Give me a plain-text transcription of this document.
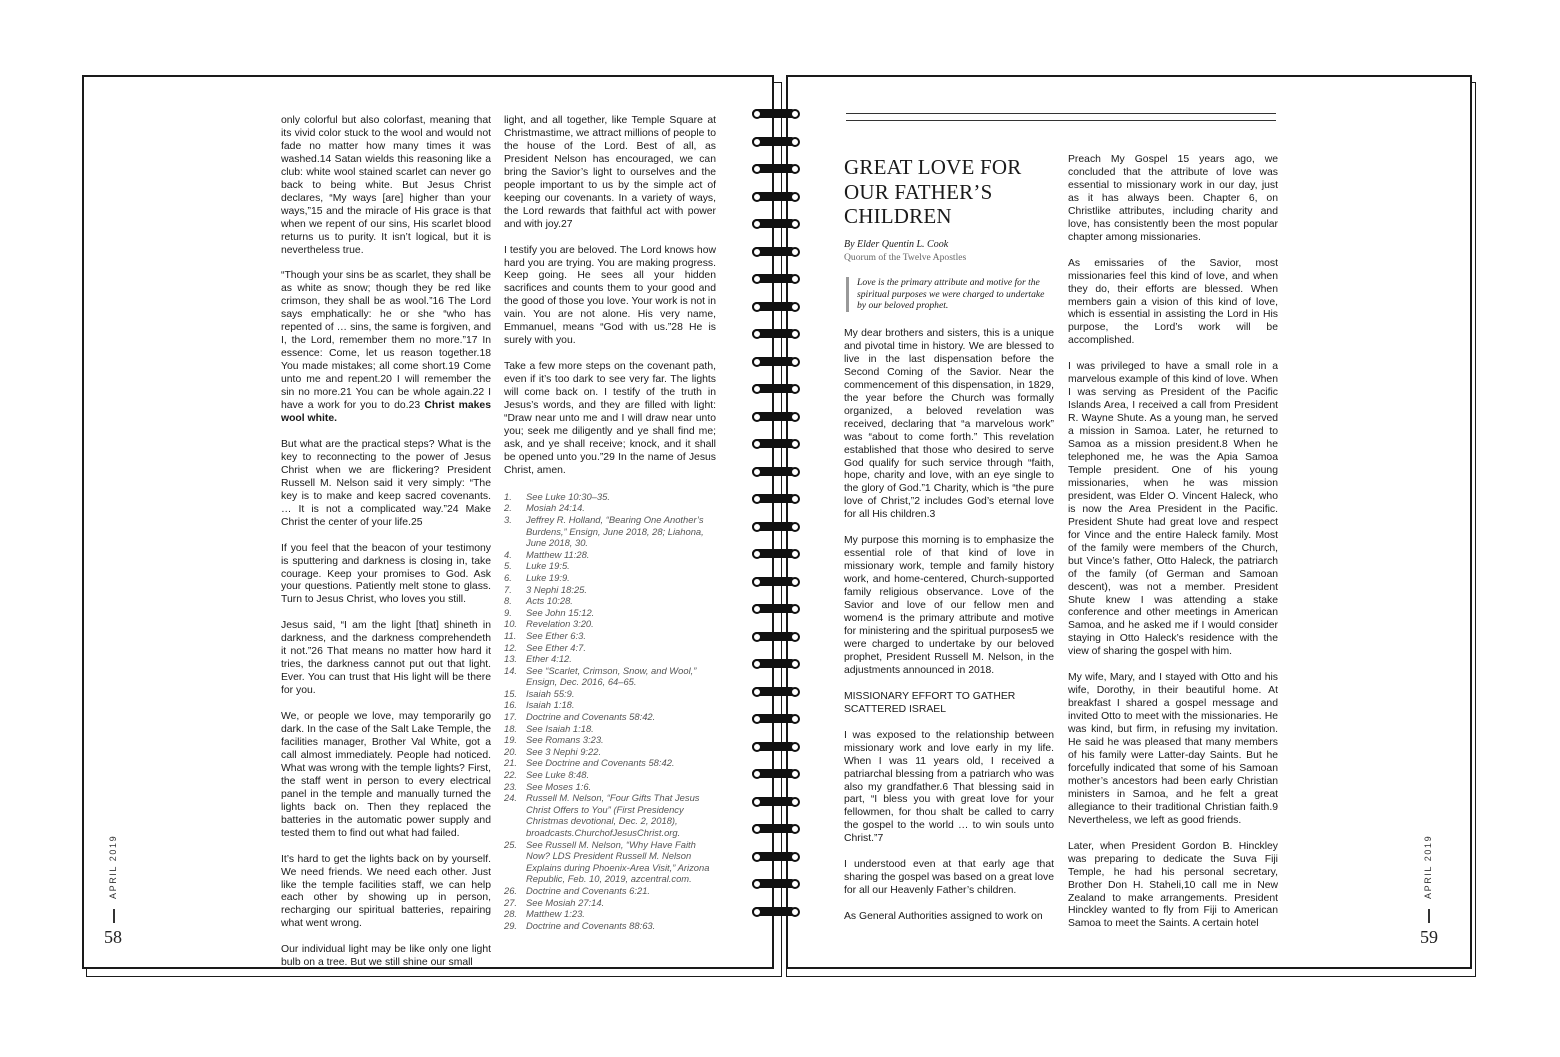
only colorful but also colorfast, meaning that its vivid color stuck to the wool and would not fade no matter how many times it was washed.14 Satan wields this reasoning like a club: white wool stained scarlet can never go back to being white. But Jesus Christ declares, “My ways [are] higher than your ways,”15 and the miracle of His grace is that when we repent of our sins, His scarlet blood returns us to purity. It isn’t logical, but it is nevertheless true.

“Though your sins be as scarlet, they shall be as white as snow; though they be red like crimson, they shall be as wool.”16 The Lord says emphatically: he or she “who has repented of … sins, the same is forgiven, and I, the Lord, remember them no more.”17 In essence: Come, let us reason together.18 You made mistakes; all come short.19 Come unto me and repent.20 I will remember the sin no more.21 You can be whole again.22 I have a work for you to do.23 Christ makes wool white.

But what are the practical steps? What is the key to reconnecting to the power of Jesus Christ when we are flickering? President Russell M. Nelson said it very simply: “The key is to make and keep sacred covenants. … It is not a complicated way.”24 Make Christ the center of your life.25

If you feel that the beacon of your testimony is sputtering and darkness is closing in, take courage. Keep your promises to God. Ask your questions. Patiently melt stone to glass. Turn to Jesus Christ, who loves you still.

Jesus said, “I am the light [that] shineth in darkness, and the darkness comprehendeth it not.”26 That means no matter how hard it tries, the darkness cannot put out that light. Ever. You can trust that His light will be there for you.

We, or people we love, may temporarily go dark. In the case of the Salt Lake Temple, the facilities manager, Brother Val White, got a call almost immediately. People had noticed. What was wrong with the temple lights? First, the staff went in person to every electrical panel in the temple and manually turned the lights back on. Then they replaced the batteries in the automatic power supply and tested them to find out what had failed.

It’s hard to get the lights back on by yourself. We need friends. We need each other. Just like the temple facilities staff, we can help each other by showing up in person, recharging our spiritual batteries, repairing what went wrong.

Our individual light may be like only one light bulb on a tree. But we still shine our small

light, and all together, like Temple Square at Christmastime, we attract millions of people to the house of the Lord. Best of all, as President Nelson has encouraged, we can bring the Savior’s light to ourselves and the people important to us by the simple act of keeping our covenants. In a variety of ways, the Lord rewards that faithful act with power and with joy.27

I testify you are beloved. The Lord knows how hard you are trying. You are making progress. Keep going. He sees all your hidden sacrifices and counts them to your good and the good of those you love. Your work is not in vain. You are not alone. His very name, Emmanuel, means “God with us.”28 He is surely with you.

Take a few more steps on the covenant path, even if it’s too dark to see very far. The lights will come back on. I testify of the truth in Jesus’s words, and they are filled with light: “Draw near unto me and I will draw near unto you; seek me diligently and ye shall find me; ask, and ye shall receive; knock, and it shall be opened unto you.”29 In the name of Jesus Christ, amen.

1.	See Luke 10:30–35.
2.	Mosiah 24:14.
3.	Jeffrey R. Holland, “Bearing One Another’s Burdens,” Ensign, June 2018, 28; Liahona, June 2018, 30.
4.	Matthew 11:28.
5.	Luke 19:5.
6.	Luke 19:9.
7.	3 Nephi 18:25.
8.	Acts 10:28.
9.	See John 15:12.
10. Revelation 3:20.
11.	See Ether 6:3.
12. See Ether 4:7.
13. Ether 4:12.
14. See “Scarlet, Crimson, Snow, and Wool,” Ensign, Dec. 2016, 64–65.
15. Isaiah 55:9.
16. Isaiah 1:18.
17. Doctrine and Covenants 58:42.
18. See Isaiah 1:18.
19. See Romans 3:23.
20. See 3 Nephi 9:22.
21. See Doctrine and Covenants 58:42.
22. See Luke 8:48.
23. See Moses 1:6.
24. Russell M. Nelson, “Four Gifts That Jesus Christ Offers to You” (First Presidency Christmas devotional, Dec. 2, 2018), broadcasts.ChurchofJesusChrist.org.
25. See Russell M. Nelson, “Why Have Faith Now? LDS President Russell M. Nelson Explains during Phoenix-Area Visit,” Arizona Republic, Feb. 10, 2019, azcentral.com.
26. Doctrine and Covenants 6:21.
27. See Mosiah 27:14.
28. Matthew 1:23.
29. Doctrine and Covenants 88:63.
58
APRIL 2019
GREAT LOVE FOR
OUR FATHER’S
CHILDREN
By Elder Quentin L. Cook
Quorum of the Twelve Apostles
Love is the primary attribute and motive for the spiritual purposes we were charged to undertake by our beloved prophet.

My dear brothers and sisters, this is a unique and pivotal time in history. We are blessed to live in the last dispensation before the Second Coming of the Savior. Near the commencement of this dispensation, in 1829, the year before the Church was formally organized, a beloved revelation was received, declaring that “a marvelous work” was “about to come forth.” This revelation established that those who desired to serve God qualify for such service through “faith, hope, charity and love, with an eye single to the glory of God.”1 Charity, which is “the pure love of Christ,”2 includes God’s eternal love for all His children.3

My purpose this morning is to emphasize the essential role of that kind of love in missionary work, temple and family history work, and home-centered, Church-supported family religious observance. Love of the Savior and love of our fellow men and women4 is the primary attribute and motive for ministering and the spiritual purposes5 we were charged to undertake by our beloved prophet, President Russell M. Nelson, in the adjustments announced in 2018.

MISSIONARY EFFORT TO GATHER SCATTERED ISRAEL

I was exposed to the relationship between missionary work and love early in my life. When I was 11 years old, I received a patriarchal blessing from a patriarch who was also my grandfather.6 That blessing said in part, “I bless you with great love for your fellowmen, for thou shalt be called to carry the gospel to the world … to win souls unto Christ.”7

I understood even at that early age that sharing the gospel was based on a great love for all our Heavenly Father’s children.

As General Authorities assigned to work on

Preach My Gospel 15 years ago, we concluded that the attribute of love was essential to missionary work in our day, just as it has always been. Chapter 6, on Christlike attributes, including charity and love, has consistently been the most popular chapter among missionaries.

As emissaries of the Savior, most missionaries feel this kind of love, and when they do, their efforts are blessed. When members gain a vision of this kind of love, which is essential in assisting the Lord in His purpose, the Lord’s work will be accomplished.

I was privileged to have a small role in a marvelous example of this kind of love. When I was serving as President of the Pacific Islands Area, I received a call from President R. Wayne Shute. As a young man, he served a mission in Samoa. Later, he returned to Samoa as a mission president.8 When he telephoned me, he was the Apia Samoa Temple president. One of his young missionaries, when he was mission president, was Elder O. Vincent Haleck, who is now the Area President in the Pacific. President Shute had great love and respect for Vince and the entire Haleck family. Most of the family were members of the Church, but Vince’s father, Otto Haleck, the patriarch of the family (of German and Samoan descent), was not a member. President Shute knew I was attending a stake conference and other meetings in American Samoa, and he asked me if I would consider staying in Otto Haleck’s residence with the view of sharing the gospel with him.

My wife, Mary, and I stayed with Otto and his wife, Dorothy, in their beautiful home. At breakfast I shared a gospel message and invited Otto to meet with the missionaries. He was kind, but firm, in refusing my invitation. He said he was pleased that many members of his family were Latter-day Saints. But he forcefully indicated that some of his Samoan mother’s ancestors had been early Christian ministers in Samoa, and he felt a great allegiance to their traditional Christian faith.9 Nevertheless, we left as good friends.

Later, when President Gordon B. Hinckley was preparing to dedicate the Suva Fiji Temple, he had his personal secretary, Brother Don H. Staheli,10 call me in New Zealand to make arrangements. President Hinckley wanted to fly from Fiji to American Samoa to meet the Saints. A certain hotel

59
APRIL 2019
